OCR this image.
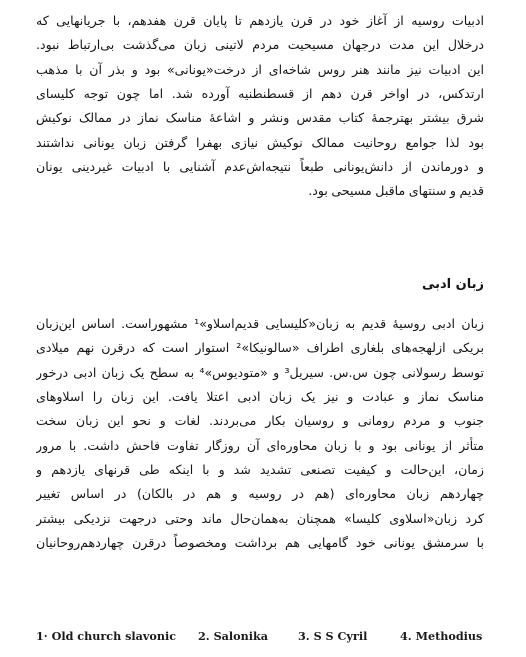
ادبیات روسیه از آغاز خود در قرن یازدهم تا پایان قرن هفدهم، با جریانهایی که
درخلال این مدت درجهان مسیحیت مردم لاتینی زبان می‌گذشت بی‌ارتباط نبود.
این ادبیات نیز مانند هنر روس شاخه‌ای از درخت«یونانی» بود و بذر آن با مذهب
ارتدکس، در اواخر قرن دهم از قسطنطنیه آورده شد. اما چون توجه کلیسای
شرق بیشتر بهترجمهٔ کتاب مقدس ونشر و اشاعهٔ مناسک نماز در ممالک نوکیش
بود لذا جوامع روحانیت ممالک نوکیش نیازی بهفرا گرفتن زبان یونانی نداشتند
و دورماندن از دانش‌یونانی طبعاً نتیجه‌اش‌عدم آشنایی با ادبیات غیردینی یونان
قدیم و سنتهای ماقبل مسیحی بود.
زبان ادبی
زبان ادبی روسیهٔ قدیم به زبان«کلیسایی قدیم‌اسلاو»¹ مشهوراست. اساس این‌زبان
بریکی ازلهجه‌های بلغاری اطراف «سالونیکا»² استوار است که درقرن نهم میلادی
توسط رسولانی چون س.س. سیریل³ و «متودیوس»⁴ به سطح یک زبان ادبی درخور
مناسک نماز و عبادت و نیز یک زبان ادبی اعتلا یافت. این زبان را اسلاوهای
جنوب و مردم رومانی و روسیان بکار می‌بردند. لغات و نحو این زبان سخت
متأثر از یونانی بود و با زبان محاوره‌ای آن روزگار تفاوت فاحش داشت. با مرور
زمان، این‌حالت و کیفیت تصنعی تشدید شد و با اینکه طی قرنهای یازدهم و
چهاردهم زبان محاوره‌ای (هم در روسیه و هم در بالکان) در اساس تغییر
کرد زبان«اسلاوی کلیسا» همچنان به‌همان‌حال ماند وحتی درجهت نزدیکی بیشتر
با سرمشق یونانی خود گامهایی هم برداشت ومخصوصاً درقرن چهاردهم‌روحانیان
1· Old church slavonic 2. Salonika	3. S S Cyril	4. Methodius
